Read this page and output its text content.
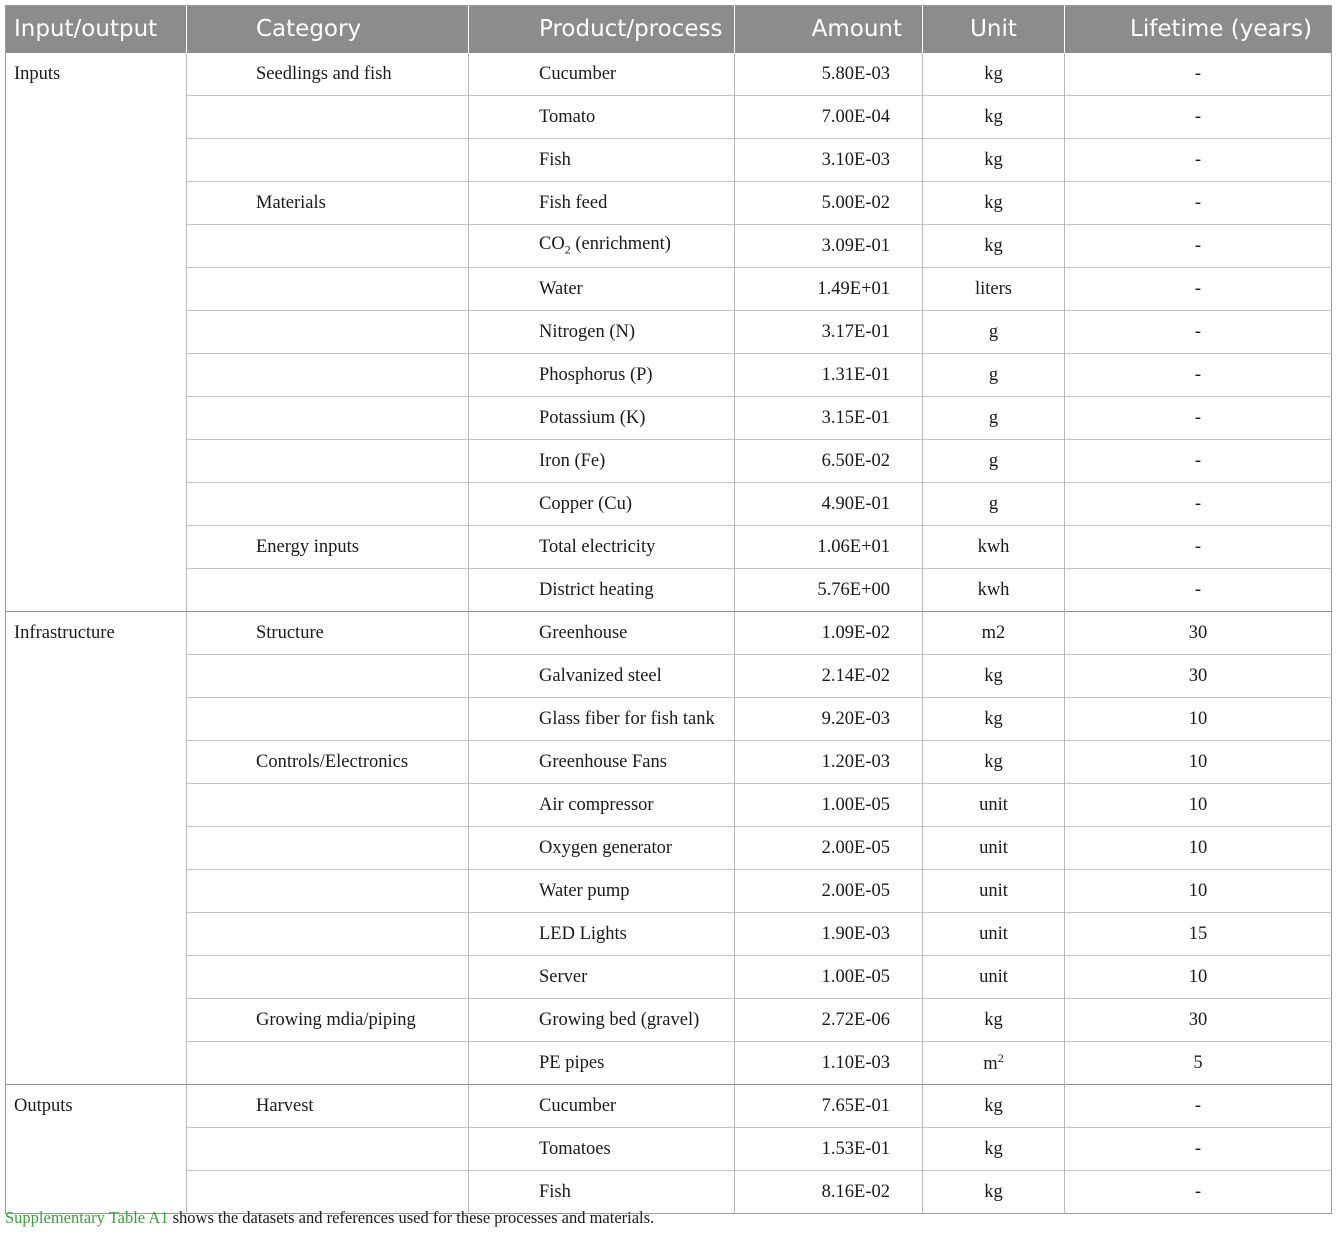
Input/output	Category	Product/process	Amount	Unit	Lifetime (years)
Inputs	Seedlings and fish	Cucumber	5.80E-03	kg	-
		Tomato	7.00E-04	kg	-
		Fish	3.10E-03	kg	-
	Materials	Fish feed	5.00E-02	kg	-
		$CO_2$ (enrichment)	3.09E-01	kg	-
		Water	1.49E+01	liters	-
		Nitrogen (N)	3.17E-01	g	-
		Phosphorus (P)	1.31E-01	g	-
		Potassium (K)	3.15E-01	g	-
		Iron (Fe)	6.50E-02	g	-
		Copper (Cu)	4.90E-01	g	-
	Energy inputs	Total electricity	1.06E+01	kwh	-
		District heating	5.76E+00	kwh	-
Infrastructure	Structure	Greenhouse	1.09E-02	m2	30
		Galvanized steel	2.14E-02	kg	30
		Glass fiber for fish tank	9.20E-03	kg	10
	Controls/Electronics	Greenhouse Fans	1.20E-03	kg	10
		Air compressor	1.00E-05	unit	10
		Oxygen generator	2.00E-05	unit	10
		Water pump	2.00E-05	unit	10
		LED Lights	1.90E-03	unit	15
		Server	1.00E-05	unit	10
	Growing mdia/piping	Growing bed (gravel)	2.72E-06	kg	30
		PE pipes	1.10E-03	$m^2$	5
Outputs	Harvest	Cucumber	7.65E-01	kg	-
		Tomatoes	1.53E-01	kg	-
		Fish	8.16E-02	kg	-
Supplementary Table A1 shows the datasets and references used for these processes and materials.
